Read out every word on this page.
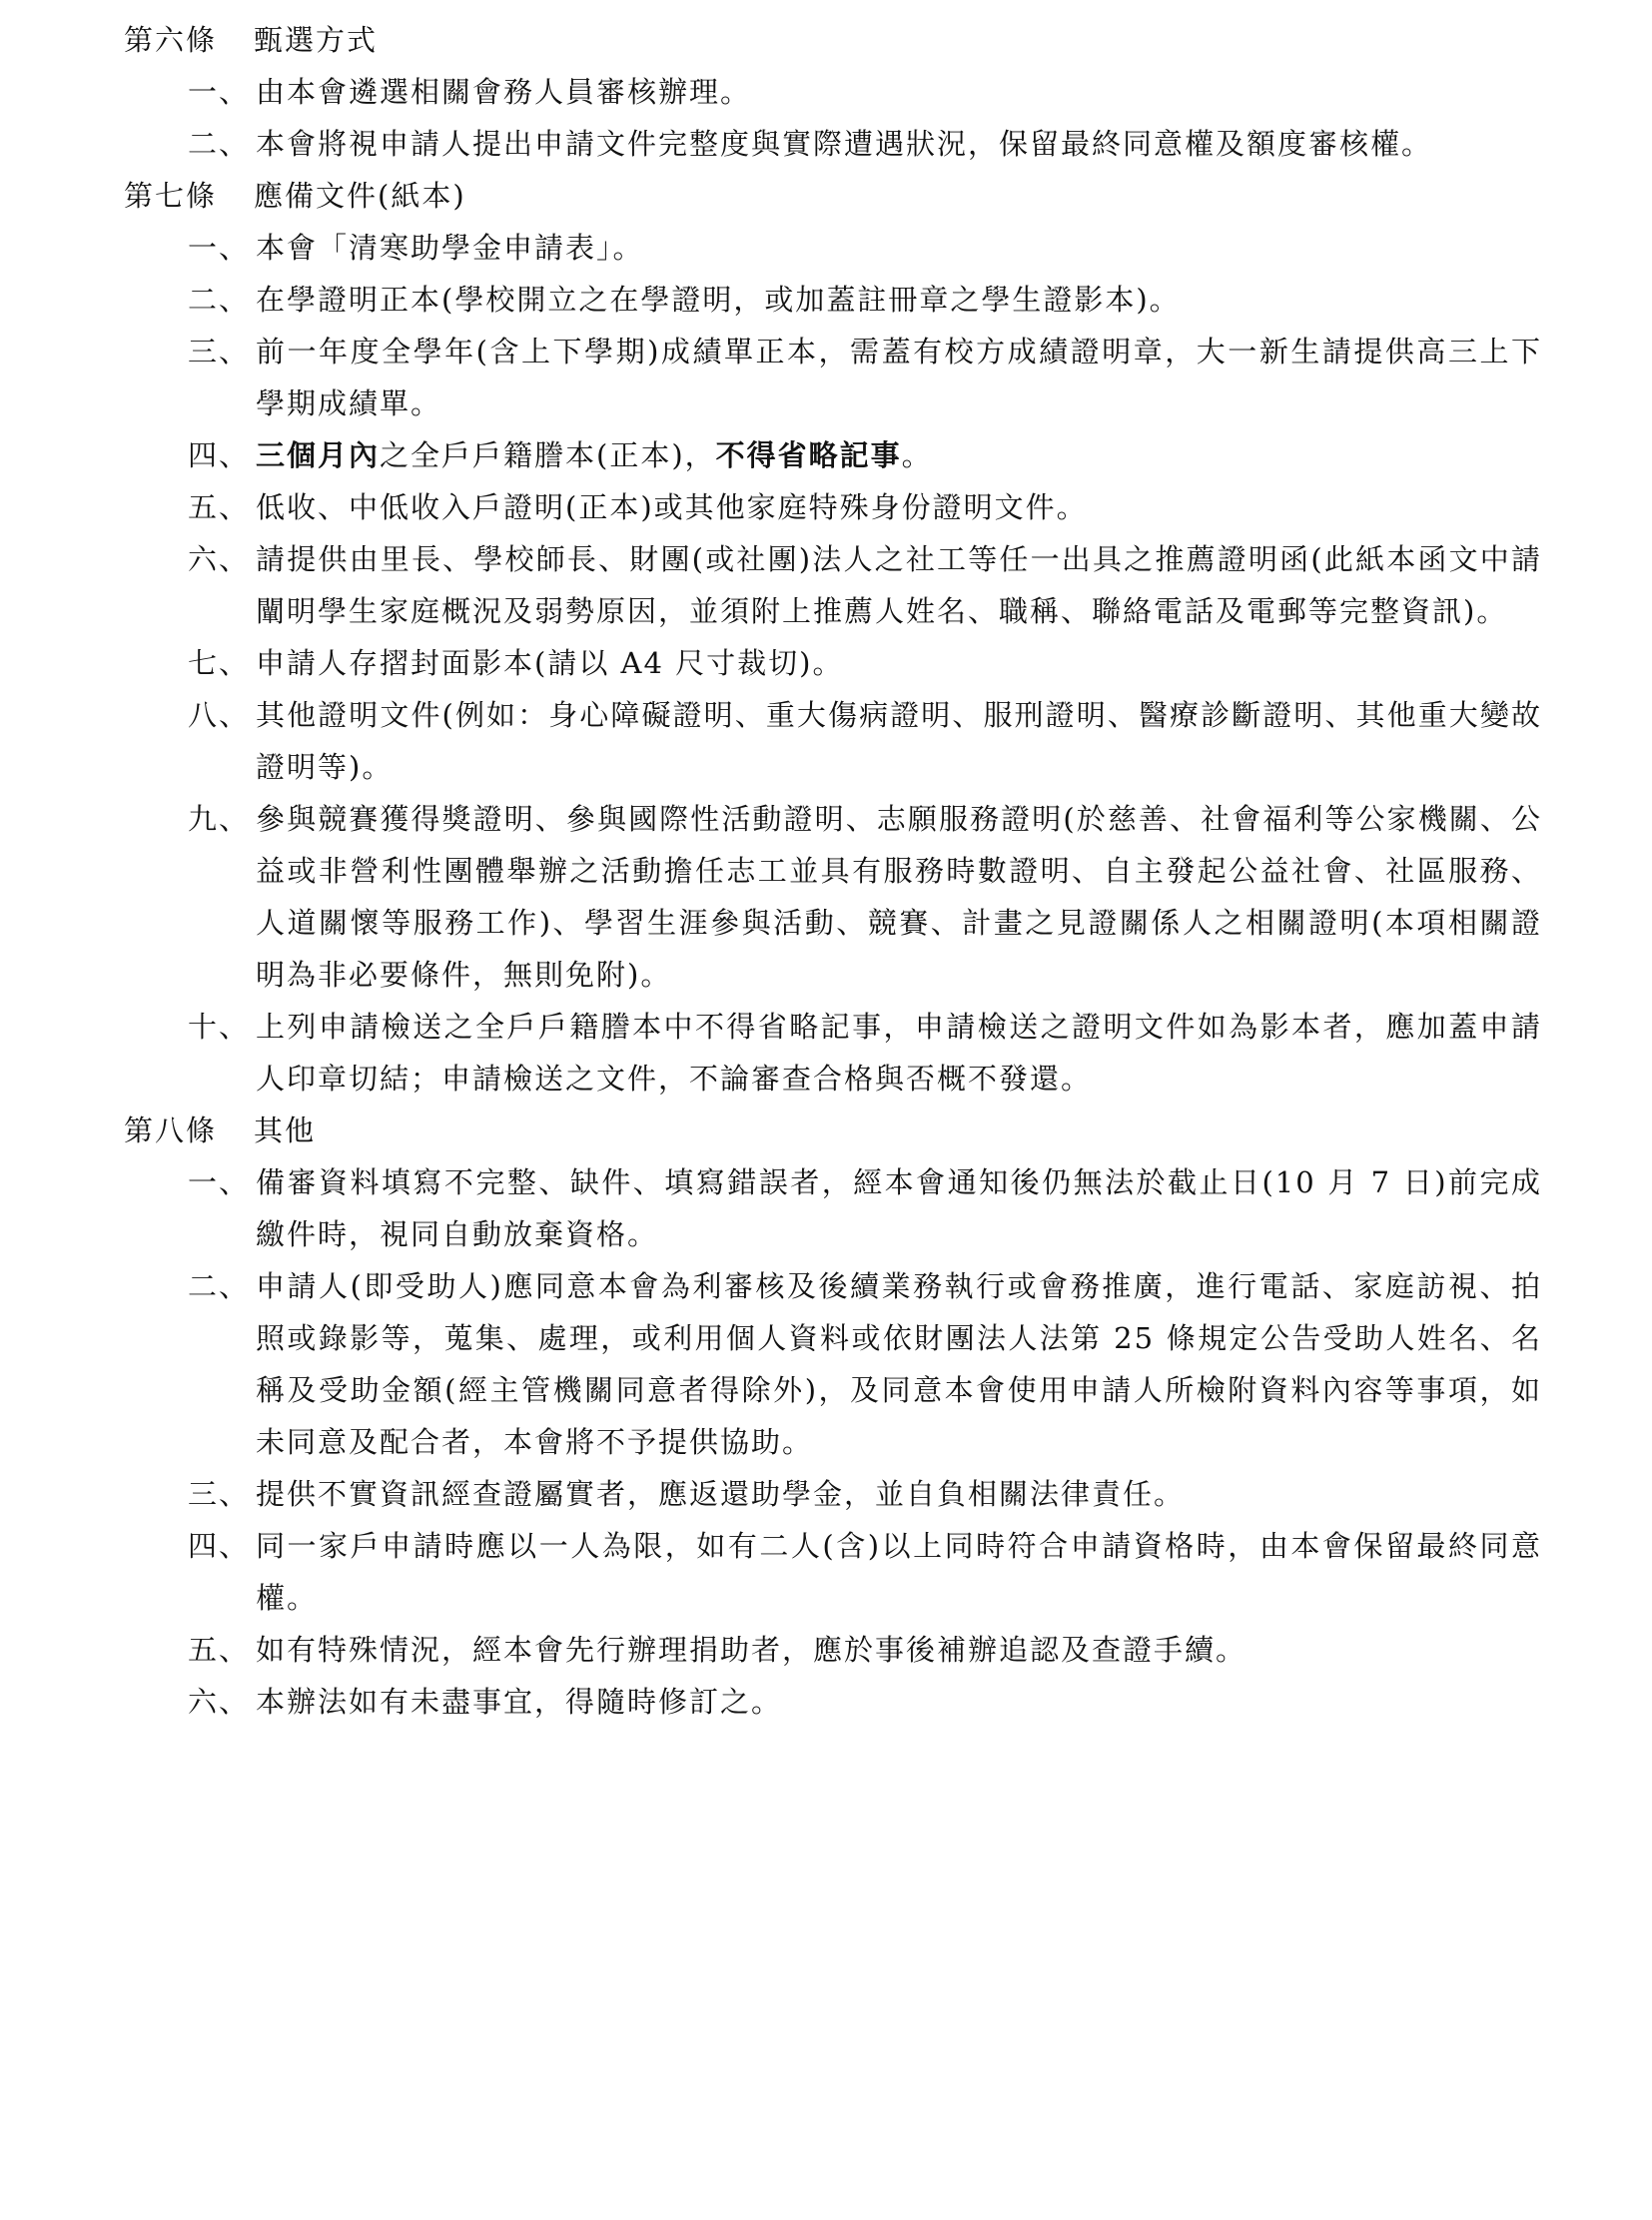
第六條 甄選方式
一、 由本會遴選相關會務人員審核辦理。
二、 本會將視申請人提出申請文件完整度與實際遭遇狀況，保留最終同意權及額度審核權。
第七條 應備文件(紙本)
一、 本會「清寒助學金申請表」。
二、 在學證明正本(學校開立之在學證明，或加蓋註冊章之學生證影本)。
三、 前一年度全學年(含上下學期)成績單正本，需蓋有校方成績證明章，大一新生請提供高三上下學期成績單。
四、 三個月內之全戶戶籍謄本(正本)，不得省略記事。
五、 低收、中低收入戶證明(正本)或其他家庭特殊身份證明文件。
六、 請提供由里長、學校師長、財團(或社團)法人之社工等任一出具之推薦證明函(此紙本函文中請闡明學生家庭概況及弱勢原因，並須附上推薦人姓名、職稱、聯絡電話及電郵等完整資訊)。
七、 申請人存摺封面影本(請以 A4 尺寸裁切)。
八、 其他證明文件(例如：身心障礙證明、重大傷病證明、服刑證明、醫療診斷證明、其他重大變故證明等)。
九、 參與競賽獲得獎證明、參與國際性活動證明、志願服務證明(於慈善、社會福利等公家機關、公益或非營利性團體舉辦之活動擔任志工並具有服務時數證明、自主發起公益社會、社區服務、人道關懷等服務工作)、學習生涯參與活動、競賽、計畫之見證關係人之相關證明(本項相關證明為非必要條件，無則免附)。
十、 上列申請檢送之全戶戶籍謄本中不得省略記事，申請檢送之證明文件如為影本者，應加蓋申請人印章切結；申請檢送之文件，不論審查合格與否概不發還。
第八條 其他
一、 備審資料填寫不完整、缺件、填寫錯誤者，經本會通知後仍無法於截止日(10 月 7 日)前完成繳件時，視同自動放棄資格。
二、 申請人(即受助人)應同意本會為利審核及後續業務執行或會務推廣，進行電話、家庭訪視、拍照或錄影等，蒐集、處理，或利用個人資料或依財團法人法第 25 條規定公告受助人姓名、名稱及受助金額(經主管機關同意者得除外)，及同意本會使用申請人所檢附資料內容等事項，如未同意及配合者，本會將不予提供協助。
三、 提供不實資訊經查證屬實者，應返還助學金，並自負相關法律責任。
四、 同一家戶申請時應以一人為限，如有二人(含)以上同時符合申請資格時，由本會保留最終同意權。
五、 如有特殊情況，經本會先行辦理捐助者，應於事後補辦追認及查證手續。
六、 本辦法如有未盡事宜，得隨時修訂之。
